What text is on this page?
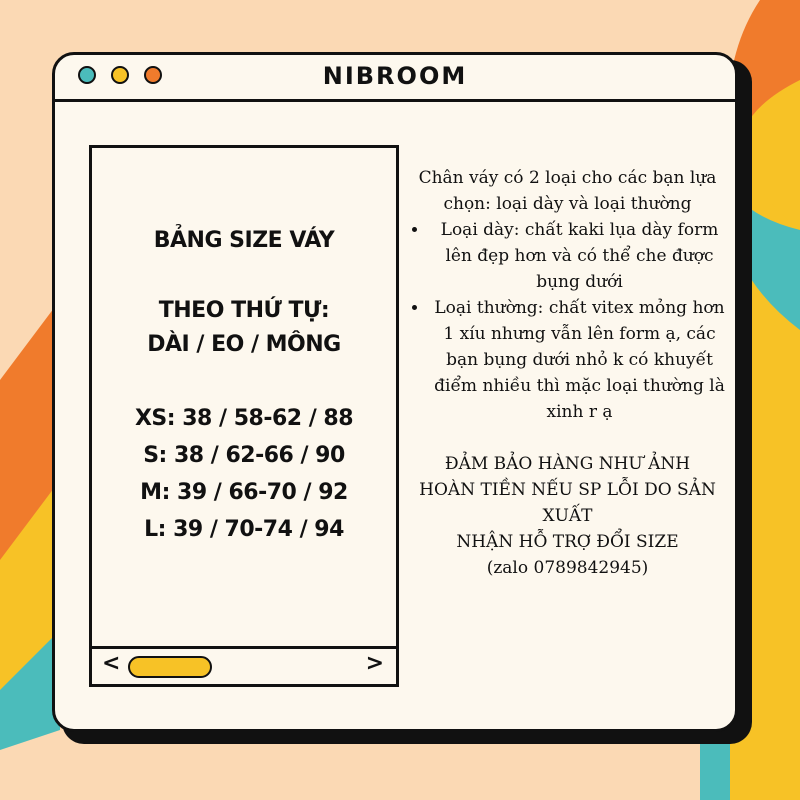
NIBROOM
BẢNG SIZE VÁY
THEO THỨ TỰ:
DÀI / EO / MÔNG
XS: 38 / 58-62 / 88
S: 38 / 62-66 / 90
M: 39 / 66-70 / 92
L: 39 / 70-74 / 94
<	>
Chân váy có 2 loại cho các bạn lựa chọn: loại dày và loại thường
• Loại dày: chất kaki lụa dày form lên đẹp hơn và có thể che được bụng dưới
• Loại thường: chất vitex mỏng hơn 1 xíu nhưng vẫn lên form ạ, các bạn bụng dưới nhỏ k có khuyết điểm nhiều thì mặc loại thường là xinh r ạ
ĐẢM BẢO HÀNG NHƯ ẢNH
HOÀN TIỀN NẾU SP LỖI DO SẢN XUẤT
NHẬN HỖ TRỢ ĐỔI SIZE
(zalo 0789842945)
